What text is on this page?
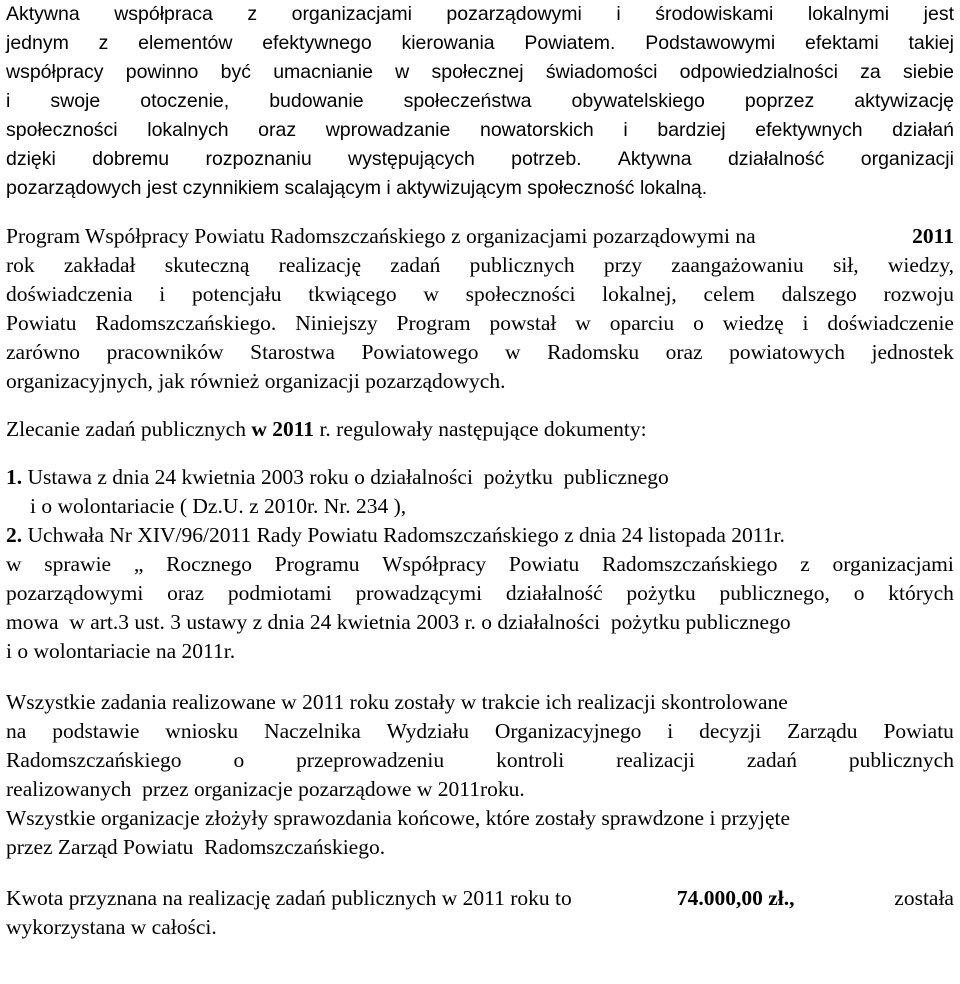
Aktywna współpraca z organizacjami pozarządowymi i środowiskami lokalnymi jest
jednym z elementów efektywnego kierowania Powiatem. Podstawowymi efektami takiej
współpracy powinno być umacnianie w społecznej świadomości odpowiedzialności za siebie
i swoje otoczenie, budowanie społeczeństwa obywatelskiego poprzez aktywizację
społeczności lokalnych oraz wprowadzanie nowatorskich i bardziej efektywnych działań
dzięki dobremu rozpoznaniu występujących potrzeb. Aktywna działalność organizacji
pozarządowych jest czynnikiem scalającym i aktywizującym społeczność lokalną.
Program Współpracy Powiatu Radomszczańskiego z organizacjami pozarządowymi na	2011
rok zakładał skuteczną realizację zadań publicznych przy zaangażowaniu sił, wiedzy,
doświadczenia i potencjału tkwiącego w społeczności lokalnej, celem dalszego rozwoju
Powiatu Radomszczańskiego. Niniejszy Program powstał w oparciu o wiedzę i doświadczenie
zarówno pracowników Starostwa Powiatowego w Radomsku oraz powiatowych jednostek
organizacyjnych, jak również organizacji pozarządowych.
Zlecanie zadań publicznych w 2011 r. regulowały następujące dokumenty:
1. Ustawa z dnia 24 kwietnia 2003 roku o działalności  pożytku  publicznego
i o wolontariacie ( Dz.U. z 2010r. Nr. 234 ),
2. Uchwała Nr XIV/96/2011 Rady Powiatu Radomszczańskiego z dnia 24 listopada 2011r.
w sprawie „ Rocznego Programu Współpracy Powiatu Radomszczańskiego z organizacjami
pozarządowymi oraz podmiotami prowadzącymi działalność pożytku publicznego, o których
mowa  w art.3 ust. 3 ustawy z dnia 24 kwietnia 2003 r. o działalności  pożytku publicznego
i o wolontariacie na 2011r.
Wszystkie zadania realizowane w 2011 roku zostały w trakcie ich realizacji skontrolowane
na podstawie wniosku Naczelnika Wydziału Organizacyjnego i decyzji Zarządu Powiatu
Radomszczańskiego o przeprowadzeniu kontroli realizacji zadań publicznych
realizowanych  przez organizacje pozarządowe w 2011roku.
Wszystkie organizacje złożyły sprawozdania końcowe, które zostały sprawdzone i przyjęte
przez Zarząd Powiatu  Radomszczańskiego.
Kwota przyznana na realizację zadań publicznych w 2011 roku to	74.000,00 zł.,	została
wykorzystana w całości.
